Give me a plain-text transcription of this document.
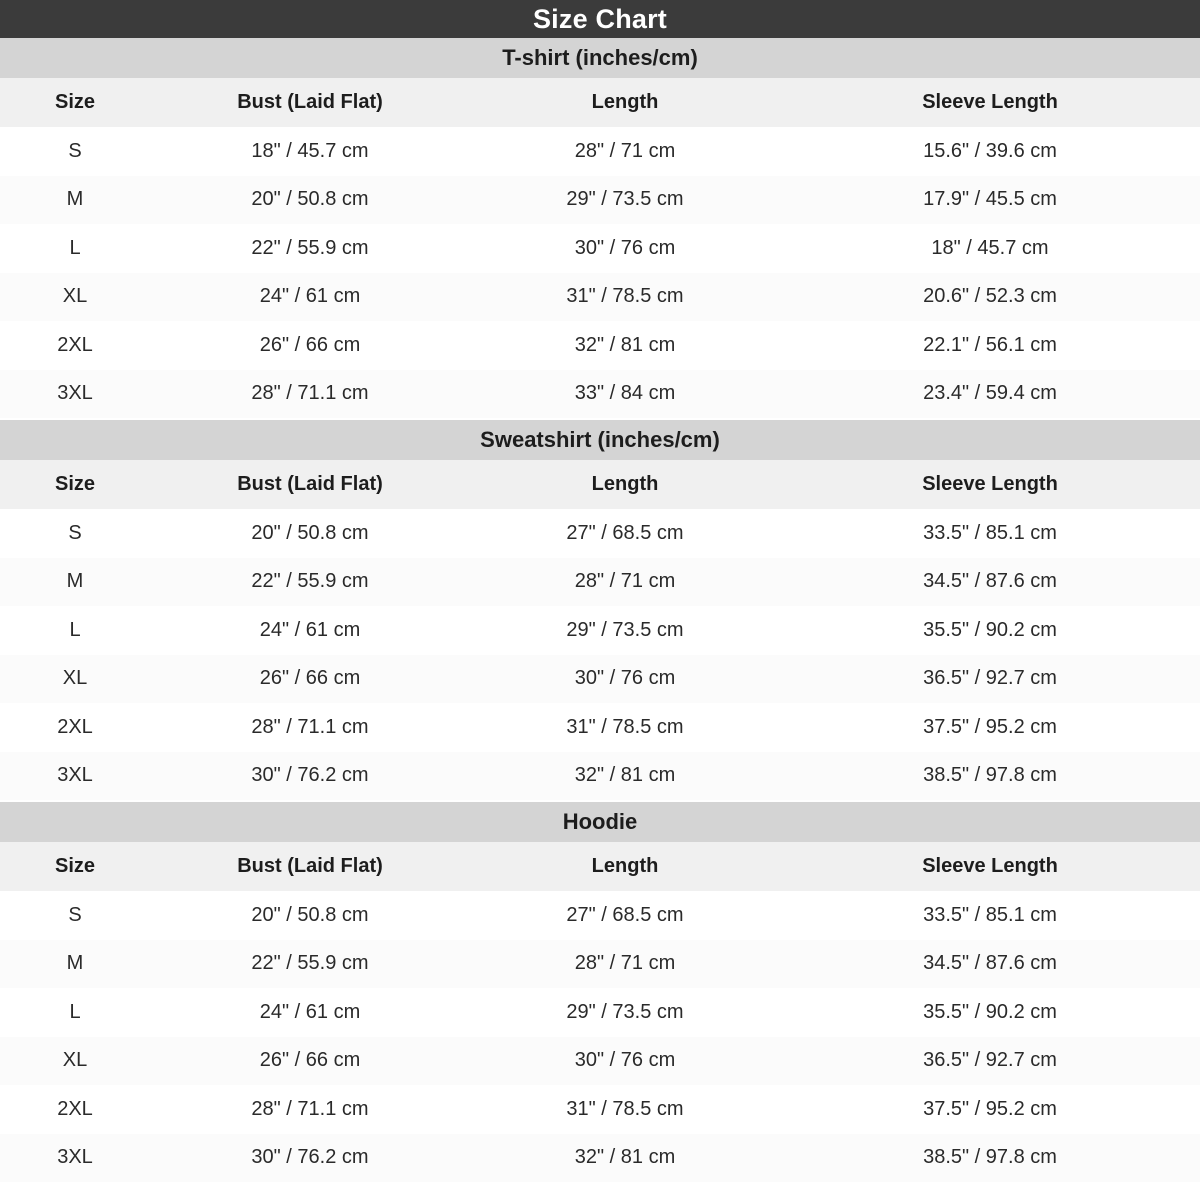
Size Chart
T-shirt (inches/cm)
Size	Bust (Laid Flat)	Length	Sleeve Length
S	18" / 45.7 cm	28" / 71 cm	15.6" / 39.6 cm
M	20" / 50.8 cm	29" / 73.5 cm	17.9" / 45.5 cm
L	22" / 55.9 cm	30" / 76 cm	18" / 45.7 cm
XL	24" / 61 cm	31" / 78.5 cm	20.6" / 52.3 cm
2XL	26" / 66 cm	32" / 81 cm	22.1" / 56.1 cm
3XL	28" / 71.1 cm	33" / 84 cm	23.4" / 59.4 cm
Sweatshirt (inches/cm)
Size	Bust (Laid Flat)	Length	Sleeve Length
S	20" / 50.8 cm	27" / 68.5 cm	33.5" / 85.1 cm
M	22" / 55.9 cm	28" / 71 cm	34.5" / 87.6 cm
L	24" / 61 cm	29" / 73.5 cm	35.5" / 90.2 cm
XL	26" / 66 cm	30" / 76 cm	36.5" / 92.7 cm
2XL	28" / 71.1 cm	31" / 78.5 cm	37.5" / 95.2 cm
3XL	30" / 76.2 cm	32" / 81 cm	38.5" / 97.8 cm
Hoodie
Size	Bust (Laid Flat)	Length	Sleeve Length
S	20" / 50.8 cm	27" / 68.5 cm	33.5" / 85.1 cm
M	22" / 55.9 cm	28" / 71 cm	34.5" / 87.6 cm
L	24" / 61 cm	29" / 73.5 cm	35.5" / 90.2 cm
XL	26" / 66 cm	30" / 76 cm	36.5" / 92.7 cm
2XL	28" / 71.1 cm	31" / 78.5 cm	37.5" / 95.2 cm
3XL	30" / 76.2 cm	32" / 81 cm	38.5" / 97.8 cm
